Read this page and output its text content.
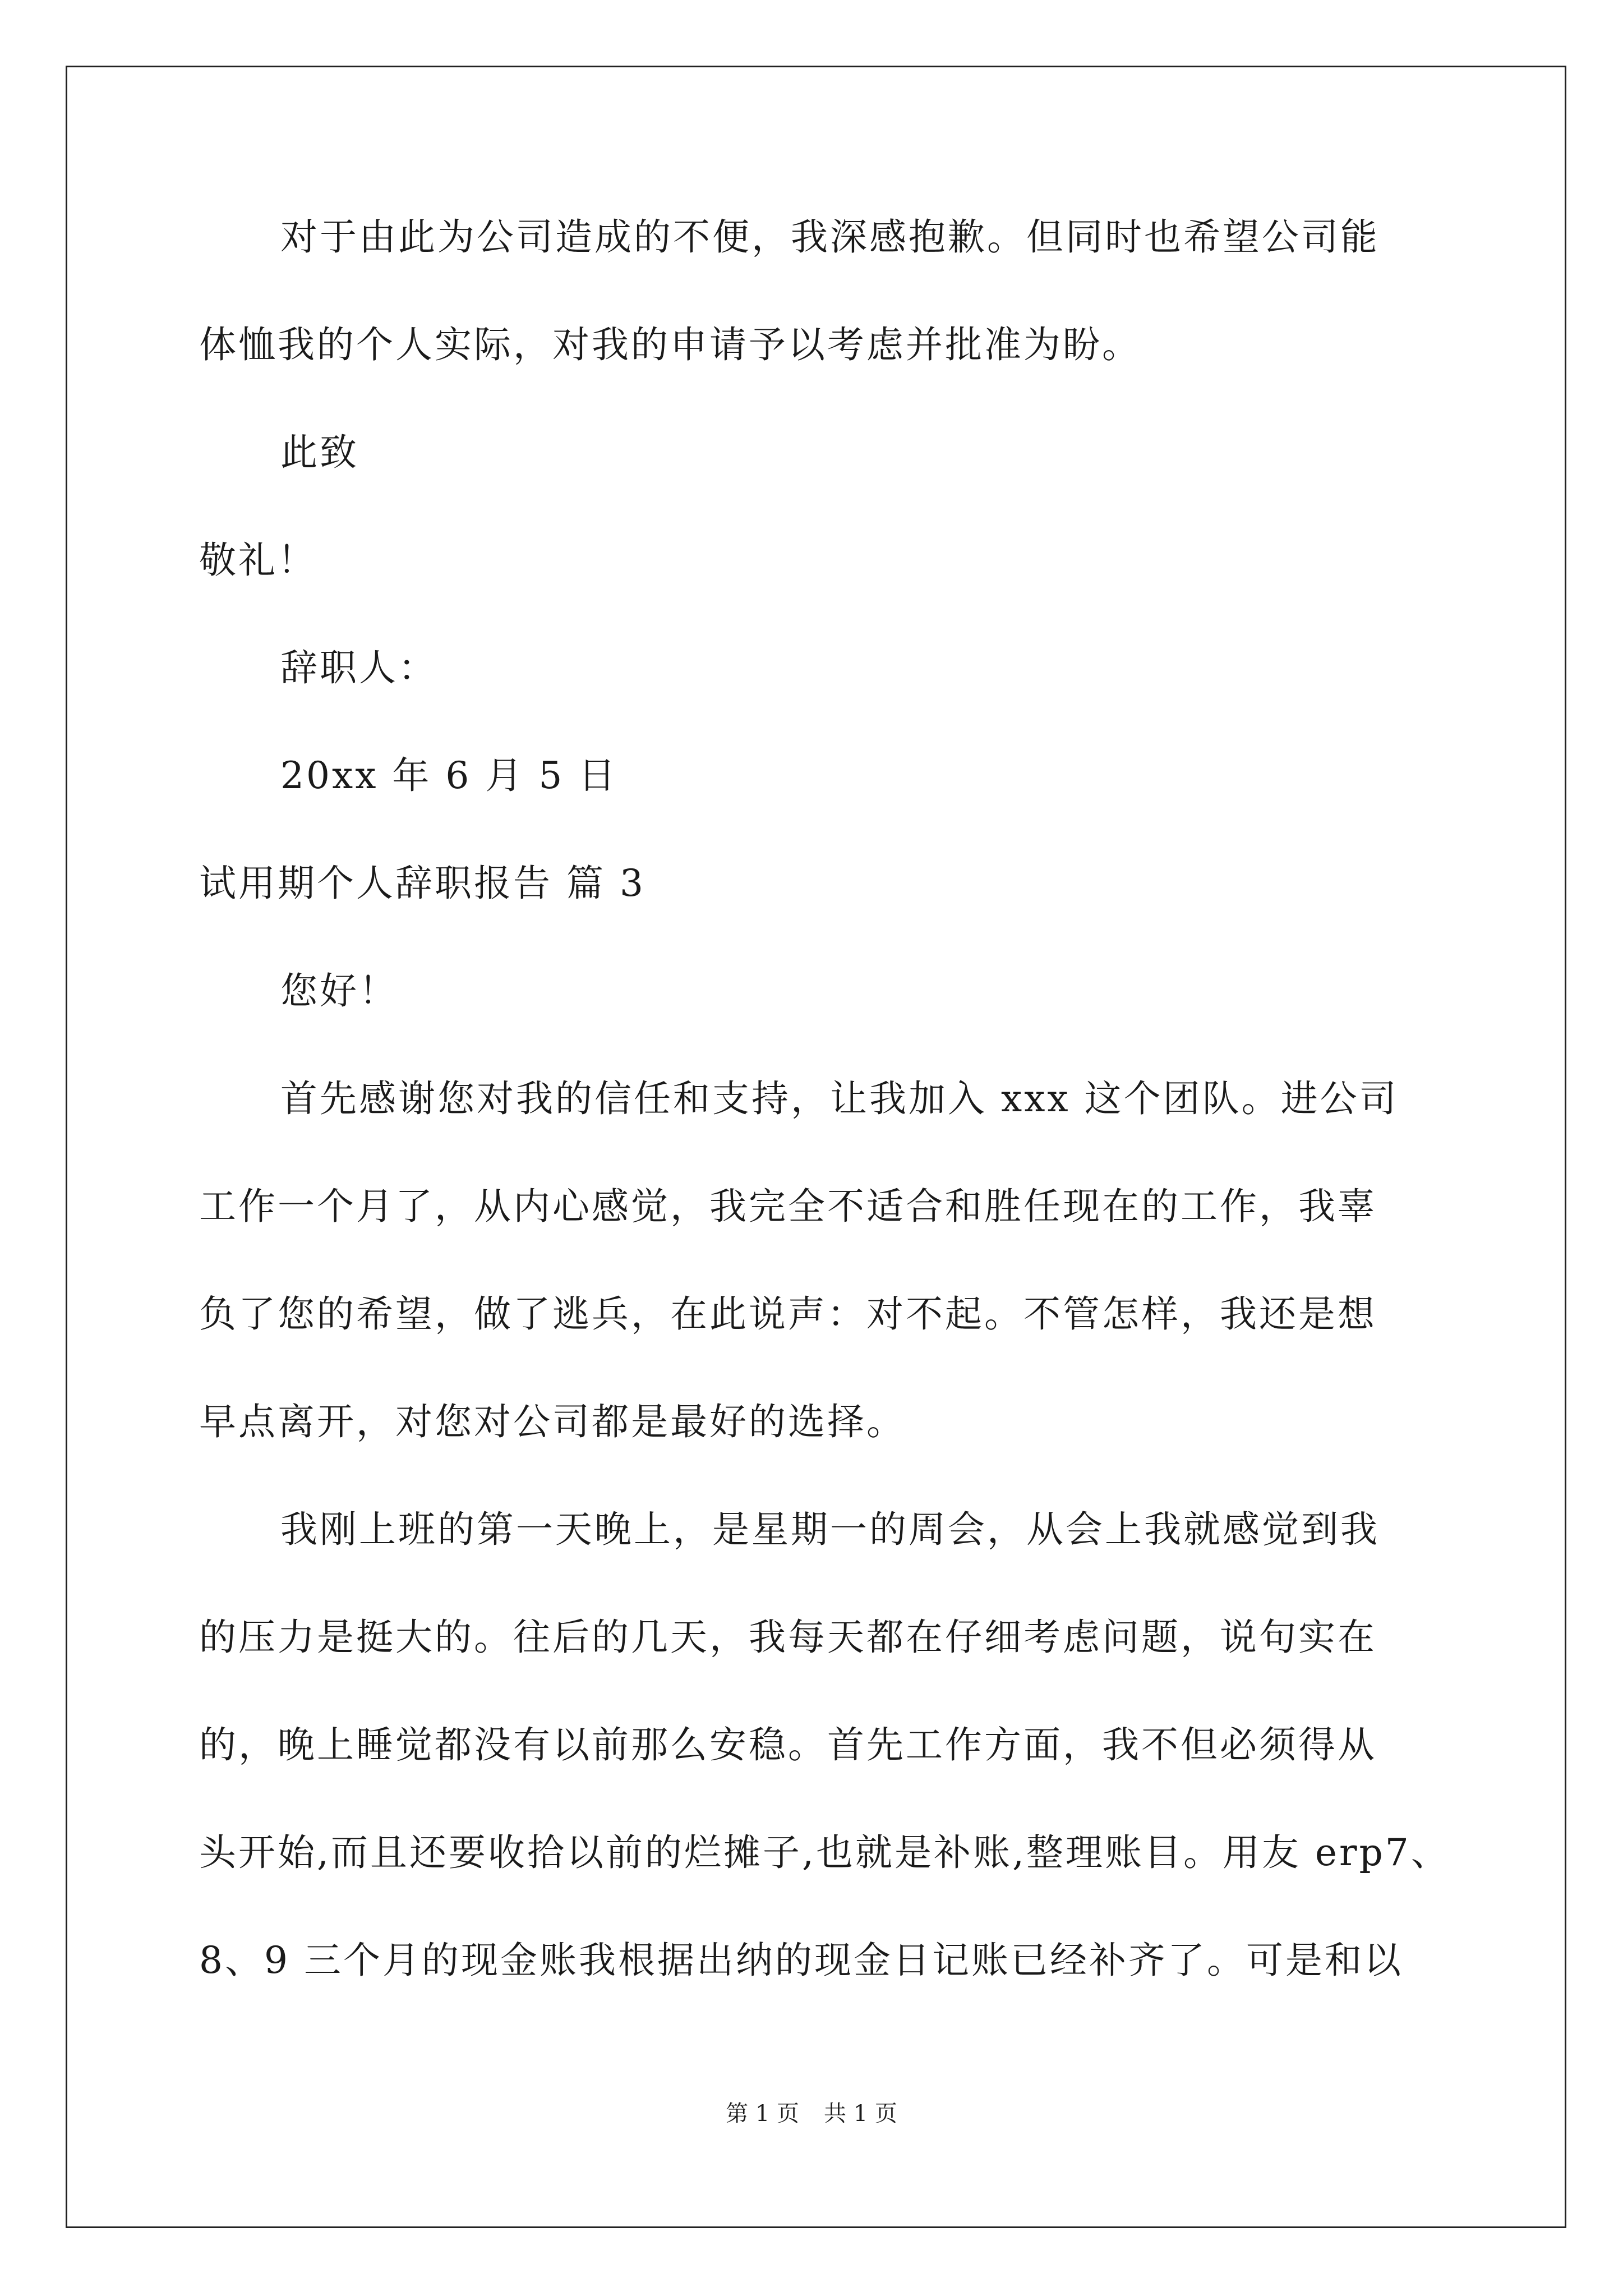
对于由此为公司造成的不便，我深感抱歉。但同时也希望公司能
体恤我的个人实际，对我的申请予以考虑并批准为盼。
此致
敬礼！
辞职人：
20xx 年 6 月 5 日
试用期个人辞职报告 篇 3
您好！
首先感谢您对我的信任和支持，让我加入 xxx 这个团队。进公司
工作一个月了，从内心感觉，我完全不适合和胜任现在的工作，我辜
负了您的希望，做了逃兵，在此说声：对不起。不管怎样，我还是想
早点离开，对您对公司都是最好的选择。
我刚上班的第一天晚上，是星期一的周会，从会上我就感觉到我
的压力是挺大的。往后的几天，我每天都在仔细考虑问题，说句实在
的，晚上睡觉都没有以前那么安稳。首先工作方面，我不但必须得从
头开始,而且还要收拾以前的烂摊子,也就是补账,整理账目。用友 erp7、
8、9 三个月的现金账我根据出纳的现金日记账已经补齐了。可是和以
第 1 页 共 1 页
